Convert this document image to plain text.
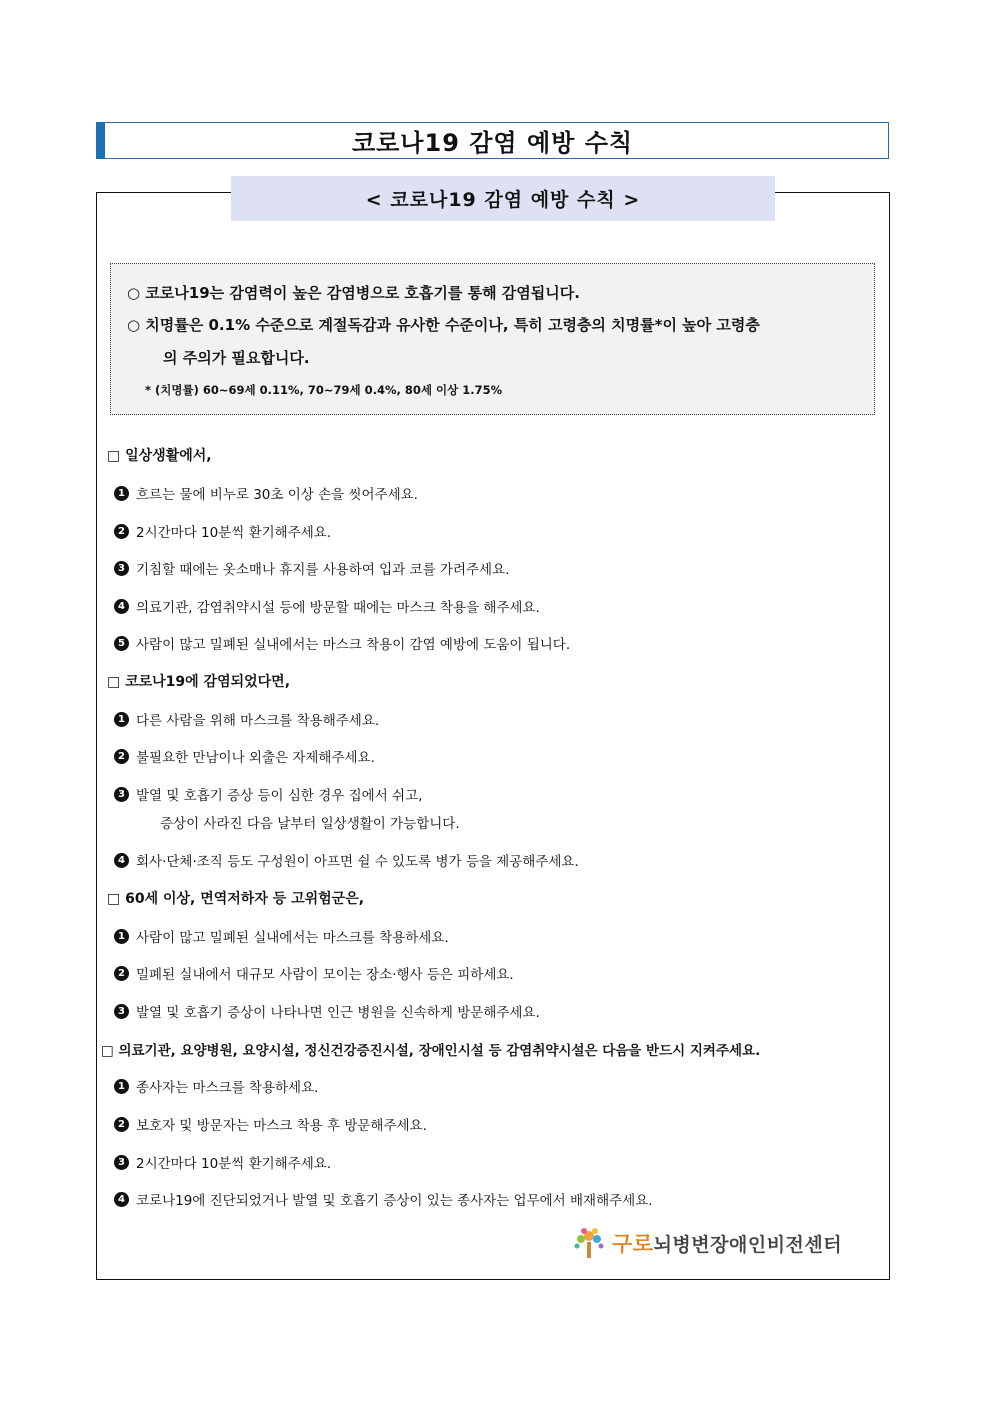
코로나19 감염 예방 수칙
< 코로나19 감염 예방 수칙 >
○ 코로나19는 감염력이 높은 감염병으로 호흡기를 통해 감염됩니다.
○ 치명률은 0.1% 수준으로 계절독감과 유사한 수준이나, 특히 고령층의 치명률*이 높아 고령층
의 주의가 필요합니다.
* (치명률) 60~69세 0.11%, 70~79세 0.4%, 80세 이상 1.75%
□ 일상생활에서,
1 흐르는 물에 비누로 30초 이상 손을 씻어주세요.
2 2시간마다 10분씩 환기해주세요.
3 기침할 때에는 옷소매나 휴지를 사용하여 입과 코를 가려주세요.
4 의료기관, 감염취약시설 등에 방문할 때에는 마스크 착용을 해주세요.
5 사람이 많고 밀폐된 실내에서는 마스크 착용이 감염 예방에 도움이 됩니다.
□ 코로나19에 감염되었다면,
1 다른 사람을 위해 마스크를 착용해주세요.
2 불필요한 만남이나 외출은 자제해주세요.
3 발열 및 호흡기 증상 등이 심한 경우 집에서 쉬고,
증상이 사라진 다음 날부터 일상생활이 가능합니다.
4 회사·단체·조직 등도 구성원이 아프면 쉴 수 있도록 병가 등을 제공해주세요.
□ 60세 이상, 면역저하자 등 고위험군은,
1 사람이 많고 밀폐된 실내에서는 마스크를 착용하세요.
2 밀폐된 실내에서 대규모 사람이 모이는 장소·행사 등은 피하세요.
3 발열 및 호흡기 증상이 나타나면 인근 병원을 신속하게 방문해주세요.
□ 의료기관, 요양병원, 요양시설, 정신건강증진시설, 장애인시설 등 감염취약시설은 다음을 반드시 지켜주세요.
1 종사자는 마스크를 착용하세요.
2 보호자 및 방문자는 마스크 착용 후 방문해주세요.
3 2시간마다 10분씩 환기해주세요.
4 코로나19에 진단되었거나 발열 및 호흡기 증상이 있는 종사자는 업무에서 배재해주세요.
구로뇌병변장애인비전센터
